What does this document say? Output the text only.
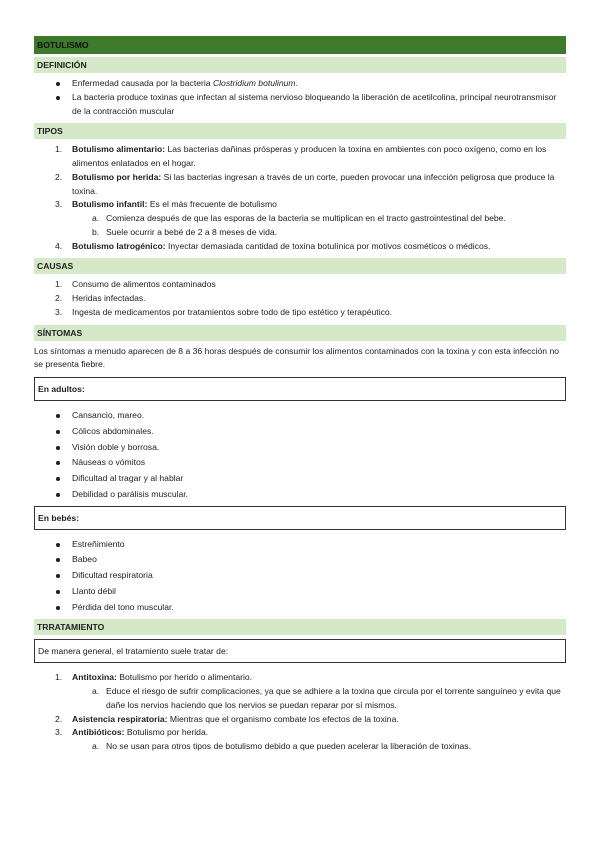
BOTULISMO
DEFINICIÓN
Enfermedad causada por la bacteria Clostridium botulinum.
La bacteria produce toxinas que infectan al sistema nervioso bloqueando la liberación de acetilcolina, principal neurotransmisor de la contracción muscular
TIPOS
Botulismo alimentario: Las bacterias dañinas prósperas y producen la toxina en ambientes con poco oxígeno, como en los alimentos enlatados en el hogar.
Botulismo por herida: Si las bacterias ingresan a través de un corte, pueden provocar una infección peligrosa que produce la toxina.
Botulismo infantil: Es el más frecuente de botulismo
Comienza después de que las esporas de la bacteria se multiplican en el tracto gastrointestinal del bebe.
Suele ocurrir a bebé de 2 a 8 meses de vida.
Botulismo Iatrogénico: Inyectar demasiada cantidad de toxina botulínica por motivos cosméticos o médicos.
CAUSAS
Consumo de alimentos contaminados
Heridas infectadas.
Ingesta de medicamentos por tratamientos sobre todo de tipo estético y terapéutico.
SÍNTOMAS

Los síntomas a menudo aparecen de 8 a 36 horas después de consumir los alimentos contaminados con la toxina y con esta infección no se presenta fiebre.

En adultos:
Cansancio, mareo.
Cólicos abdominales.
Visión doble y borrosa.
Náuseas o vómitos
Dificultad al tragar y al hablar
Debilidad o parálisis muscular.
En bebés:
Estreñimiento
Babeo
Dificultad respiratoria
Llanto débil
Pérdida del tono muscular.
TRRATAMIENTO
De manera general, el tratamiento suele tratar de:
Antitoxina: Botulismo por herido o alimentario.
Educe el riesgo de sufrir complicaciones, ya que se adhiere a la toxina que circula por el torrente sanguíneo y evita que dañe los nervios haciendo que los nervios se puedan reparar por sí mismos.
Asistencia respiratoria: Mientras que el organismo combate los efectos de la toxina.
Antibióticos: Botulismo por herida.
No se usan para otros tipos de botulismo debido a que pueden acelerar la liberación de toxinas.
